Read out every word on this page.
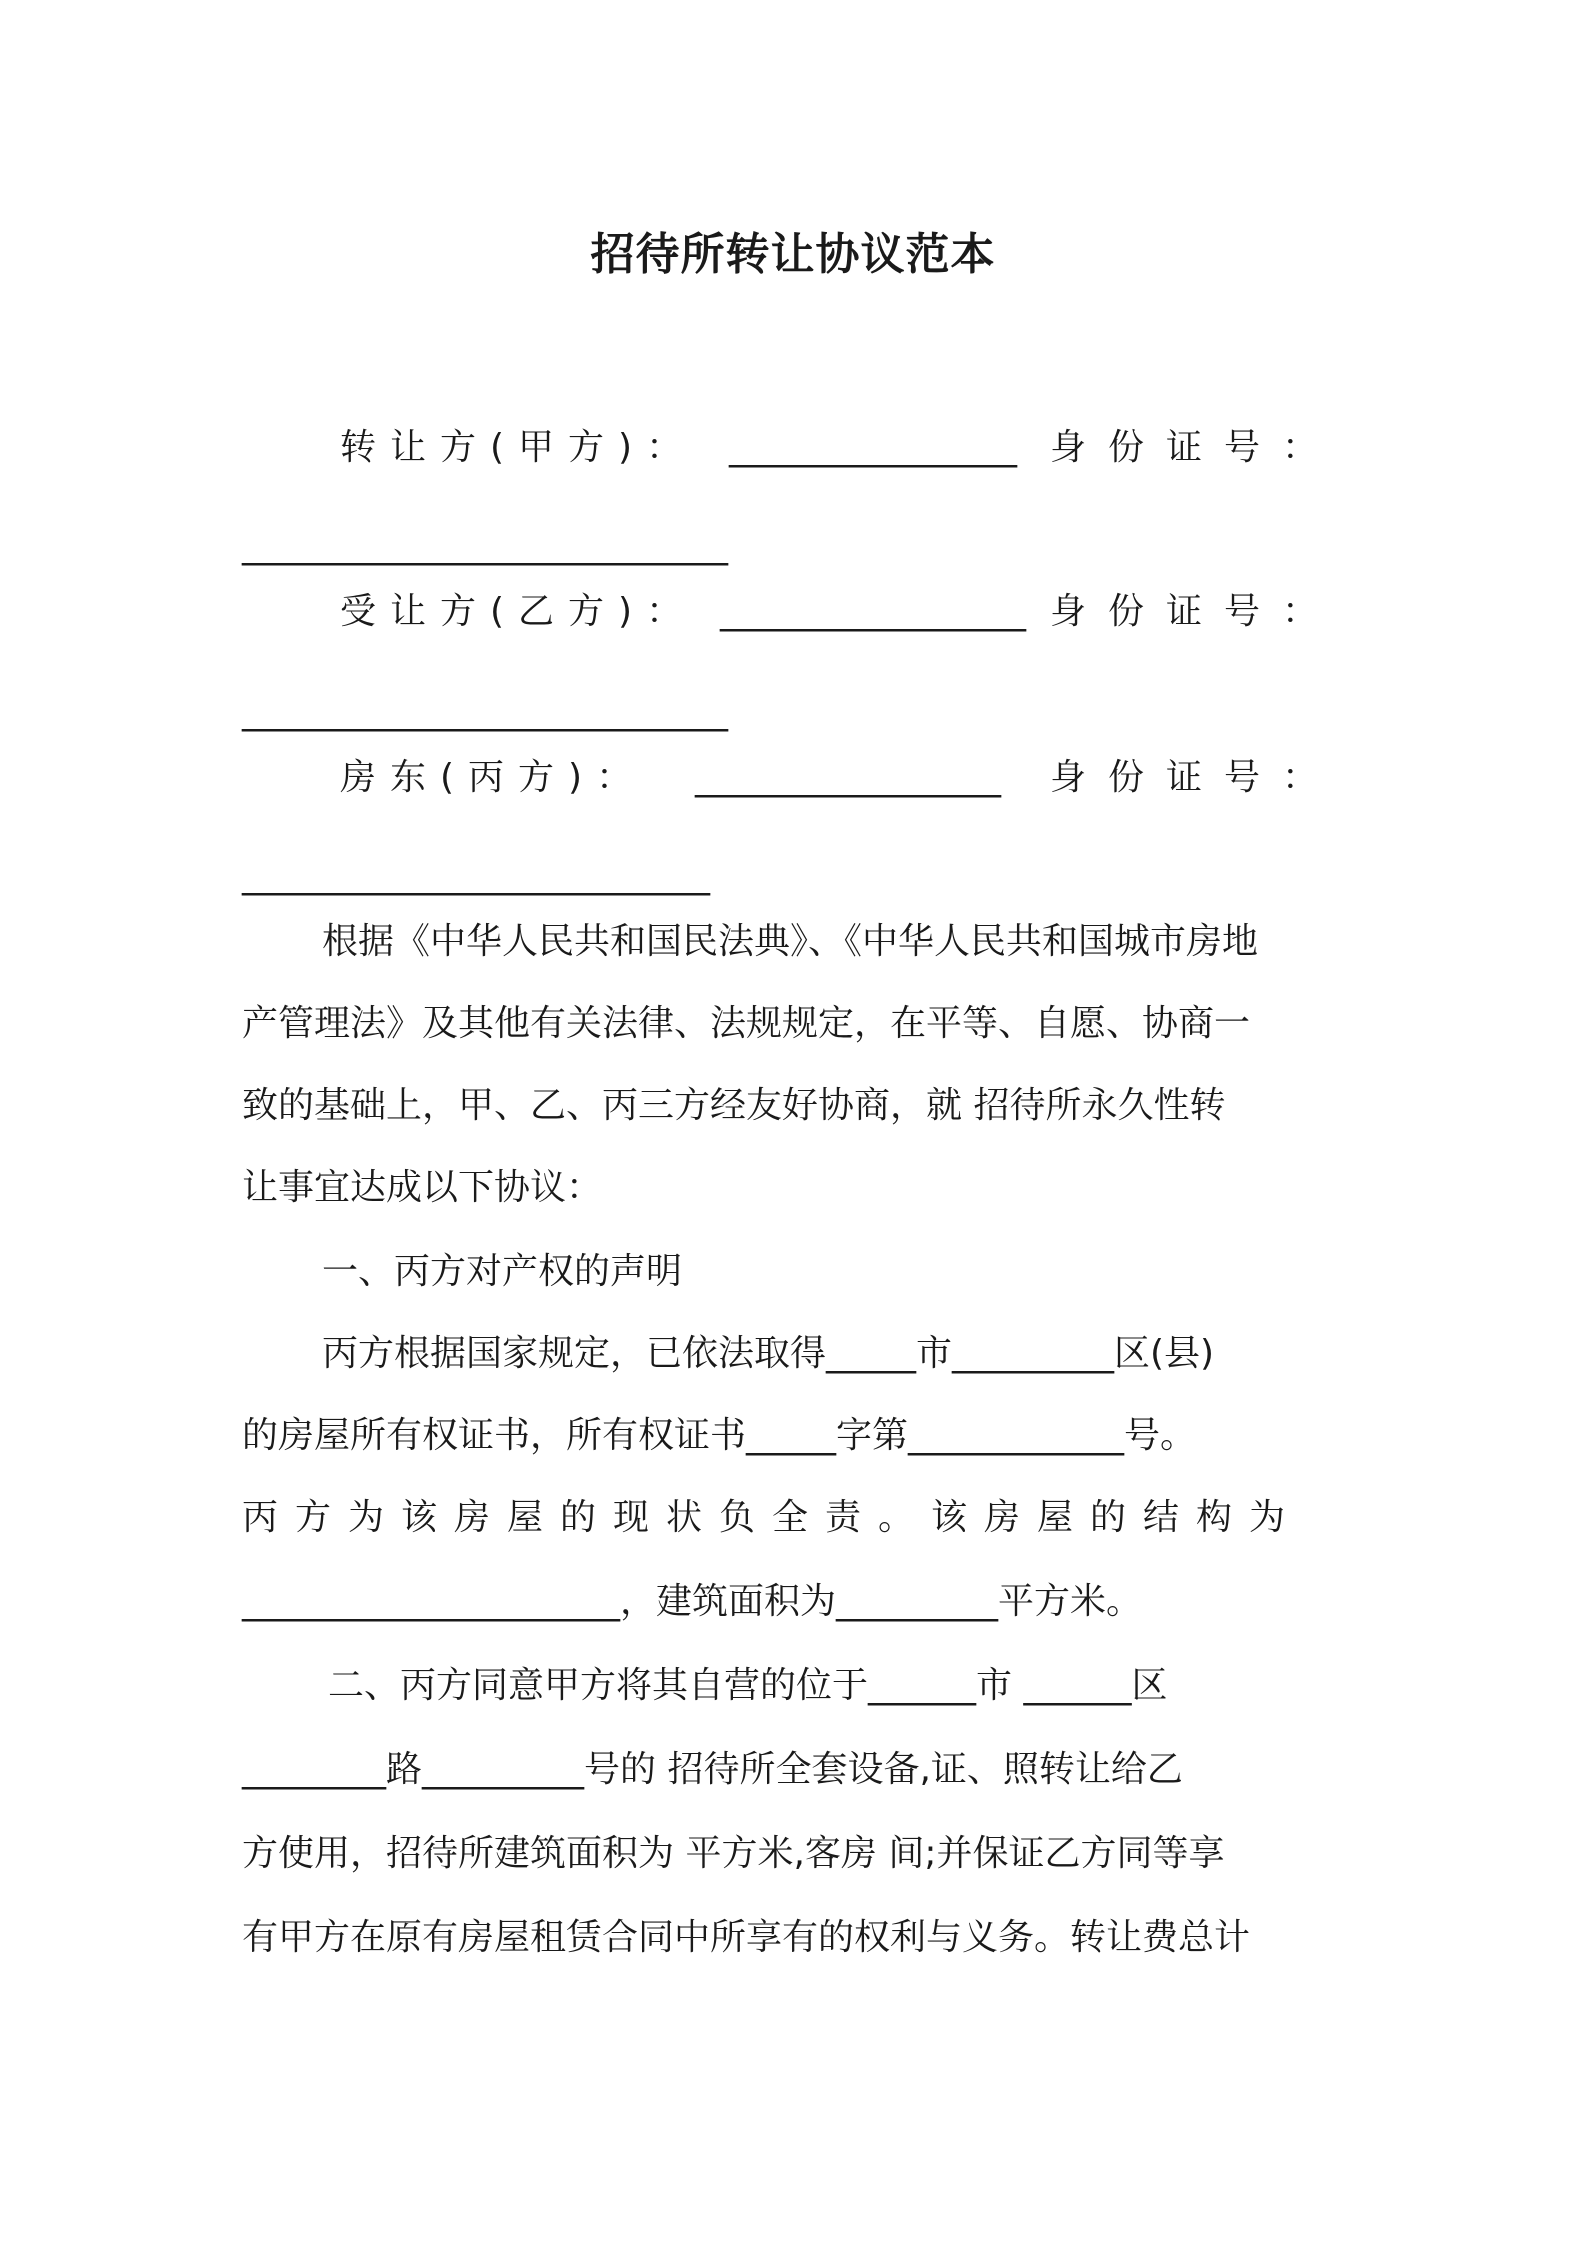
招待所转让协议范本
转让方(甲方)： ________________ 身份证号：
___________________________
受让方(乙方)： _________________ 身份证号：
___________________________
房东(丙方)： _________________ 身份证号：
__________________________
根据《中华人民共和国民法典》、《中华人民共和国城市房地
产管理法》及其他有关法律、法规规定，在平等、自愿、协商一
致的基础上，甲、乙、丙三方经友好协商，就 招待所永久性转
让事宜达成以下协议：
一、丙方对产权的声明
丙方根据国家规定，已依法取得_____市_________区(县)
的房屋所有权证书，所有权证书_____字第____________号。
丙方为该房屋的现状负全责。该房屋的结构为
_____________________，建筑面积为_________平方米。
二、丙方同意甲方将其自营的位于______市 ______区
________路_________号的 招待所全套设备,证、照转让给乙
方使用，招待所建筑面积为 平方米,客房 间;并保证乙方同等享
有甲方在原有房屋租赁合同中所享有的权利与义务。转让费总计
